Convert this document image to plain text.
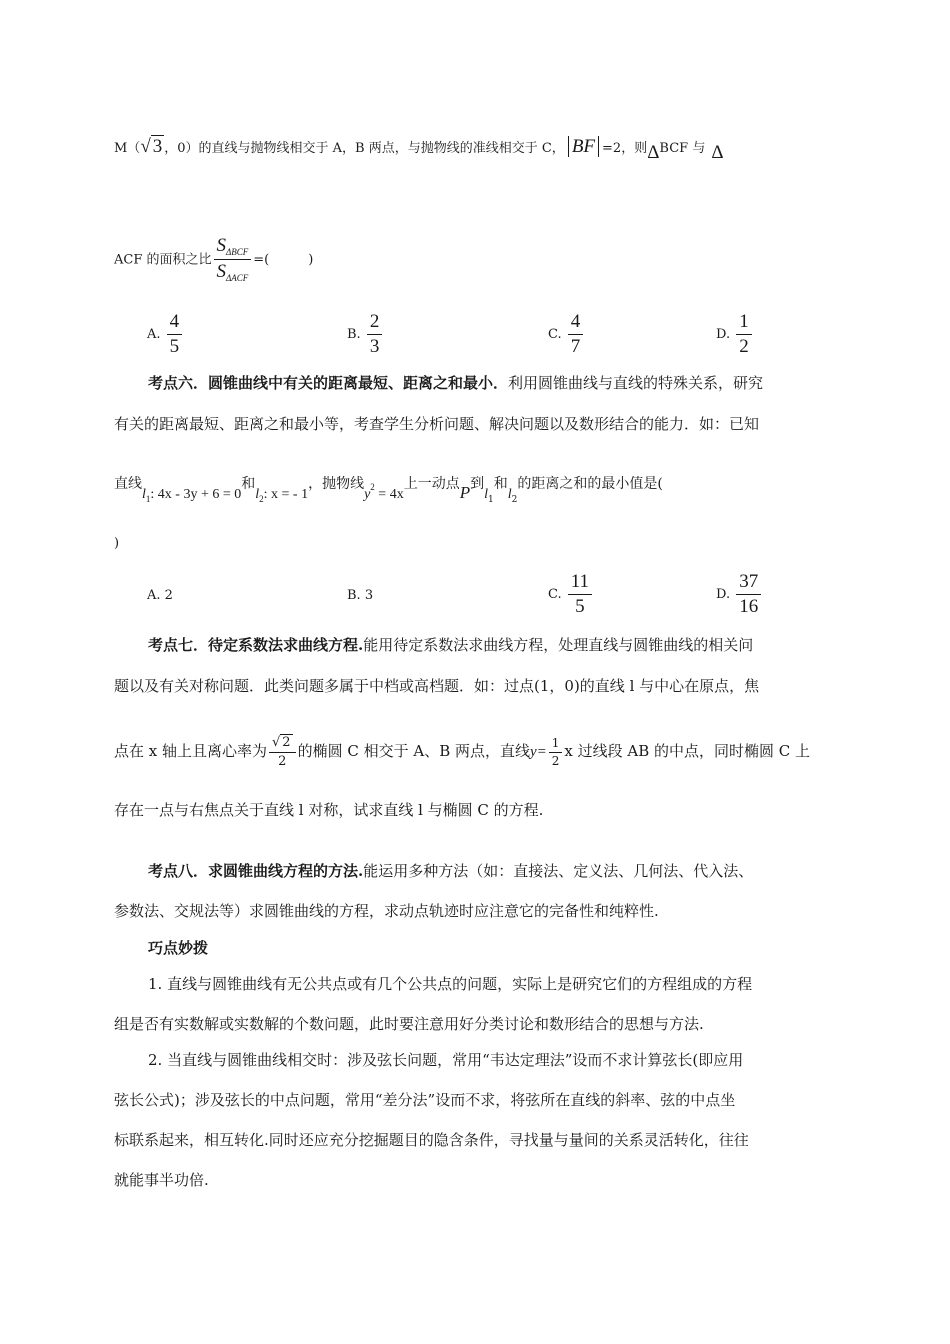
M（√ 3 ，0）的直线与抛物线相交于 A，B 两点，与抛物线的准线相交于 C， BF =2，则ΔBCF 与 Δ
ACF 的面积之比 $\frac{S_{\Delta BCF}}{S_{\Delta ACF}}$ =(　　　)
A. $\frac{4}{5}$	B. $\frac{2}{3}$	C. $\frac{4}{7}$	D. $\frac{1}{2}$
考点六．圆锥曲线中有关的距离最短、距离之和最小．利用圆锥曲线与直线的特殊关系，研究
有关的距离最短、距离之和最小等，考查学生分析问题、解决问题以及数形结合的能力．如：已知
直线$l_1$: 4x - 3y + 6 = 0和$l_2$: x = - 1，抛物线$y^2 = 4x$上一动点P到$l_1$和$l_2$的距离之和的最小值是(
)
A. 2	B. 3	C. $\frac{11}{5}$	D. $\frac{37}{16}$
考点七．待定系数法求曲线方程.能用待定系数法求曲线方程，处理直线与圆锥曲线的相关问
题以及有关对称问题．此类问题多属于中档或高档题．如：过点(1，0)的直线 l 与中心在原点，焦
点在 x 轴上且离心率为 $\frac{√ 2}{2}$ 的椭圆 C 相交于 A、B 两点，直线$y= \frac{1}{2}$ x 过线段 AB 的中点，同时椭圆 C 上
存在一点与右焦点关于直线 l 对称，试求直线 l 与椭圆 C 的方程.
考点八．求圆锥曲线方程的方法.能运用多种方法（如：直接法、定义法、几何法、代入法、
参数法、交规法等）求圆锥曲线的方程，求动点轨迹时应注意它的完备性和纯粹性.
巧点妙拨
1. 直线与圆锥曲线有无公共点或有几个公共点的问题，实际上是研究它们的方程组成的方程
组是否有实数解或实数解的个数问题，此时要注意用好分类讨论和数形结合的思想与方法.
2. 当直线与圆锥曲线相交时：涉及弦长问题，常用“韦达定理法”设而不求计算弦长(即应用
弦长公式)；涉及弦长的中点问题，常用“差分法”设而不求，将弦所在直线的斜率、弦的中点坐
标联系起来，相互转化.同时还应充分挖掘题目的隐含条件，寻找量与量间的关系灵活转化，往往
就能事半功倍.
